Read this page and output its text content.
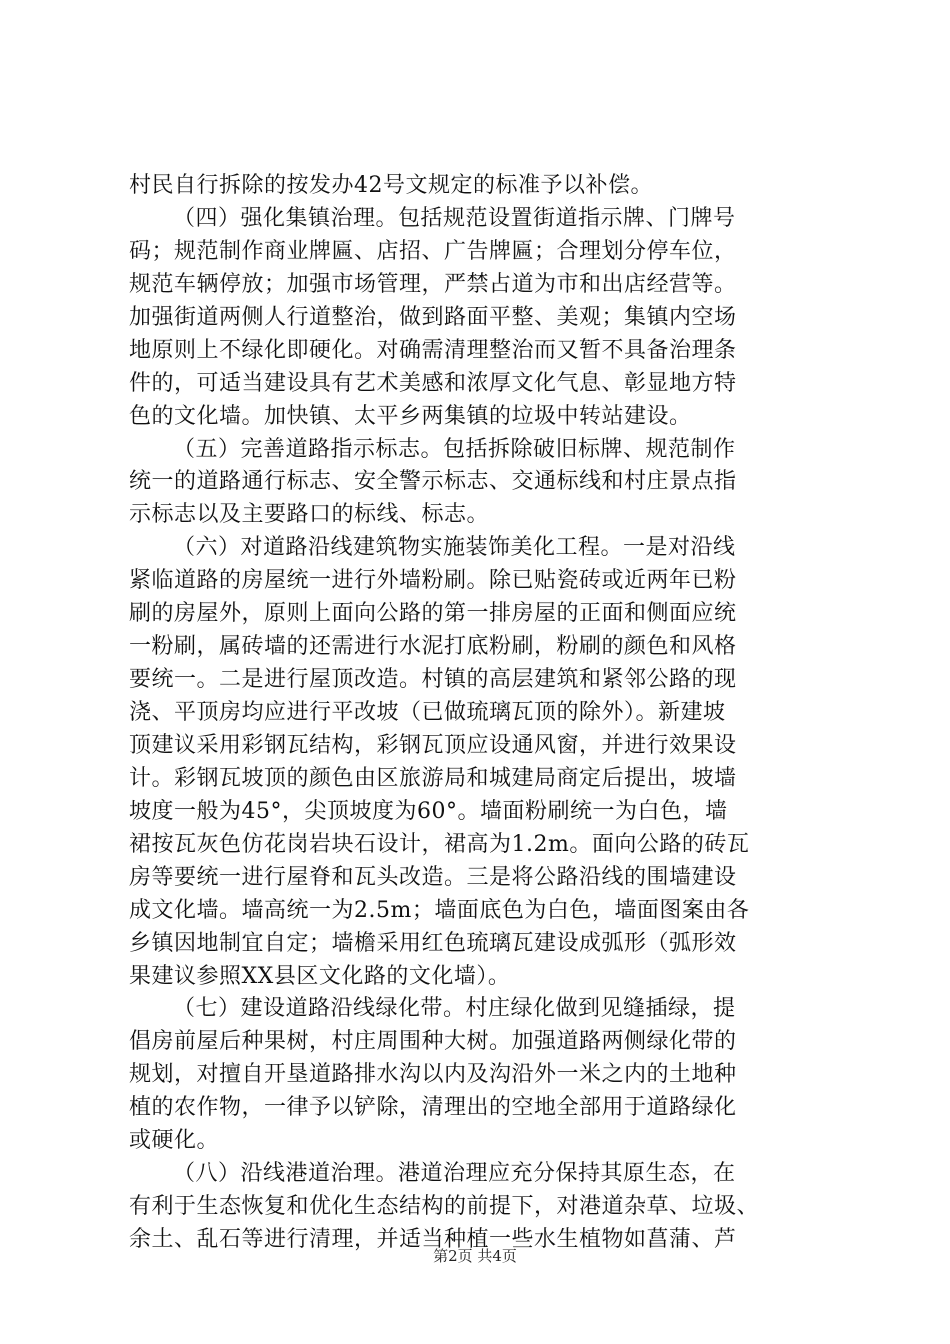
村民自行拆除的按发办42号文规定的标准予以补偿。
（四）强化集镇治理。包括规范设置街道指示牌、门牌号
码；规范制作商业牌匾、店招、广告牌匾；合理划分停车位，
规范车辆停放；加强市场管理，严禁占道为市和出店经营等。
加强街道两侧人行道整治，做到路面平整、美观；集镇内空场
地原则上不绿化即硬化。对确需清理整治而又暂不具备治理条
件的，可适当建设具有艺术美感和浓厚文化气息、彰显地方特
色的文化墙。加快镇、太平乡两集镇的垃圾中转站建设。
（五）完善道路指示标志。包括拆除破旧标牌、规范制作
统一的道路通行标志、安全警示标志、交通标线和村庄景点指
示标志以及主要路口的标线、标志。
（六）对道路沿线建筑物实施装饰美化工程。一是对沿线
紧临道路的房屋统一进行外墙粉刷。除已贴瓷砖或近两年已粉
刷的房屋外，原则上面向公路的第一排房屋的正面和侧面应统
一粉刷，属砖墙的还需进行水泥打底粉刷，粉刷的颜色和风格
要统一。二是进行屋顶改造。村镇的高层建筑和紧邻公路的现
浇、平顶房均应进行平改坡（已做琉璃瓦顶的除外）。新建坡
顶建议采用彩钢瓦结构，彩钢瓦顶应设通风窗，并进行效果设
计。彩钢瓦坡顶的颜色由区旅游局和城建局商定后提出，坡墙
坡度一般为45°，尖顶坡度为60°。墙面粉刷统一为白色，墙
裙按瓦灰色仿花岗岩块石设计，裙高为1.2m。面向公路的砖瓦
房等要统一进行屋脊和瓦头改造。三是将公路沿线的围墙建设
成文化墙。墙高统一为2.5m；墙面底色为白色，墙面图案由各
乡镇因地制宜自定；墙檐采用红色琉璃瓦建设成弧形（弧形效
果建议参照XX县区文化路的文化墙）。
（七）建设道路沿线绿化带。村庄绿化做到见缝插绿，提
倡房前屋后种果树，村庄周围种大树。加强道路两侧绿化带的
规划，对擅自开垦道路排水沟以内及沟沿外一米之内的土地种
植的农作物，一律予以铲除，清理出的空地全部用于道路绿化
或硬化。
（八）沿线港道治理。港道治理应充分保持其原生态，在
有利于生态恢复和优化生态结构的前提下，对港道杂草、垃圾、
余土、乱石等进行清理，并适当种植一些水生植物如菖蒲、芦
第2页 共4页
